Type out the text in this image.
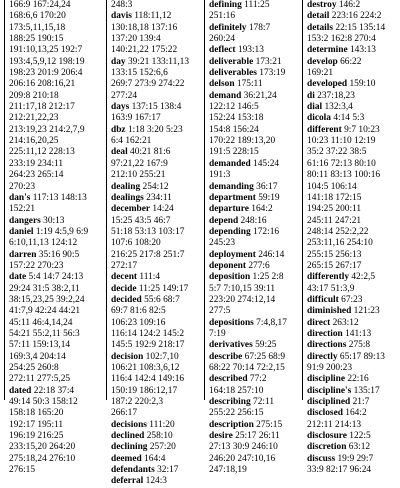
166:9 167:24,24
168:6,6 170:20
173:5,11,15,18
188:25 190:15
191:10,13,25 192:7
193:4,5,9,12 198:19
198:23 201:9 206:4
206:16 208:16,21
209:8 210:18
211:17,18 212:17
212:21,22,23
213:19,23 214:2,7,9
214:16,20,25
225:11,12 228:13
233:19 234:11
264:23 265:14
270:23
dan's 117:13 148:13
152:21
dangers 30:13
daniel 1:19 4:5,9 6:9
6:10,11,13 124:12
darren 35:16 90:5
157:22 270:23
date 5:4 14:7 24:13
29:24 31:5 38:2,11
38:15,23,25 39:2,24
41:7,9 42:24 44:21
45:11 46:4,14,24
54:21 55:2,11 56:3
57:11 159:13,14
169:3,4 204:14
254:25 260:8
272:11 277:5,25
dated 22:18 37:4
49:14 50:3 158:12
158:18 165:20
192:17 195:11
196:19 216:25
233:15,20 264:20
275:18,24 276:10
276:15
248:3
davis 118:11,12
130:18,18 137:16
137:20 139:4
140:21,22 175:22
day 39:21 133:11,13
133:15 152:6,6
269:7 273:9 274:22
277:24
days 137:15 138:4
163:9 167:17
dbz 1:18 3:20 5:23
6:4 162:21
deal 40:21 81:6
97:21,22 167:9
212:10 255:21
dealing 254:12
dealings 234:11
december 14:24
15:25 43:5 46:7
51:18 53:13 103:17
107:6 108:20
216:25 217:8 251:7
272:17
decent 111:4
decide 11:25 149:17
decided 55:6 68:7
69:7 81:6 82:5
106:23 109:16
116:14 124:2 145:2
145:5 192:9 218:17
decision 102:7,10
106:21 108:3,6,12
116:4 142:4 149:16
150:19 186:12,17
187:2 220:2,3
266:17
decisions 111:20
declined 258:10
declining 257:20
deemed 164:4
defendants 32:17
deferral 124:3
defining 111:25
251:16
definitely 178:7
260:24
deflect 193:13
deliverable 173:21
deliverables 173:19
delson 175:11
demand 36:21,24
122:12 146:5
152:24 153:18
154:8 156:24
170:22 189:13,20
191:5 228:15
demanded 145:24
191:3
demanding 36:17
department 59:19
departure 164:2
depend 248:16
depending 172:16
245:23
deployment 246:14
deponent 277:6
deposition 1:25 2:8
5:7 7:10,15 39:11
223:20 274:12,14
277:5
depositions 7:4,8,17
7:19
derivatives 59:25
describe 67:25 68:9
68:22 70:14 72:2,15
described 77:2
164:18 257:10
describing 72:11
255:22 256:15
description 275:15
desire 25:17 26:11
27:13 30:9 246:10
246:20 247:10,16
247:18,19
destroy 146:2
detail 223:16 224:2
details 22:15 135:14
153:2 162:8 270:4
determine 143:13
develop 66:22
169:21
developed 159:10
di 237:18,23
dial 132:3,4
dicola 4:14 5:3
different 9:7 10:23
10:23 11:10 12:19
35:2 37:22 38:5
61:16 72:13 80:10
80:11 83:13 100:16
104:5 106:14
141:18 172:15
194:25 200:11
245:11 247:21
248:14 252:2,22
253:11,16 254:10
255:15 256:13
265:15 267:17
differently 42:2,5
43:17 51:3,9
difficult 67:23
diminished 121:23
direct 263:12
direction 141:13
directions 275:8
directly 65:17 89:13
91:9 200:23
discipline 22:16
discipline's 135:17
disciplined 21:7
disclosed 164:2
212:11 214:13
disclosure 122:5
discretion 63:12
discuss 19:9 29:7
33:9 82:17 96:24
